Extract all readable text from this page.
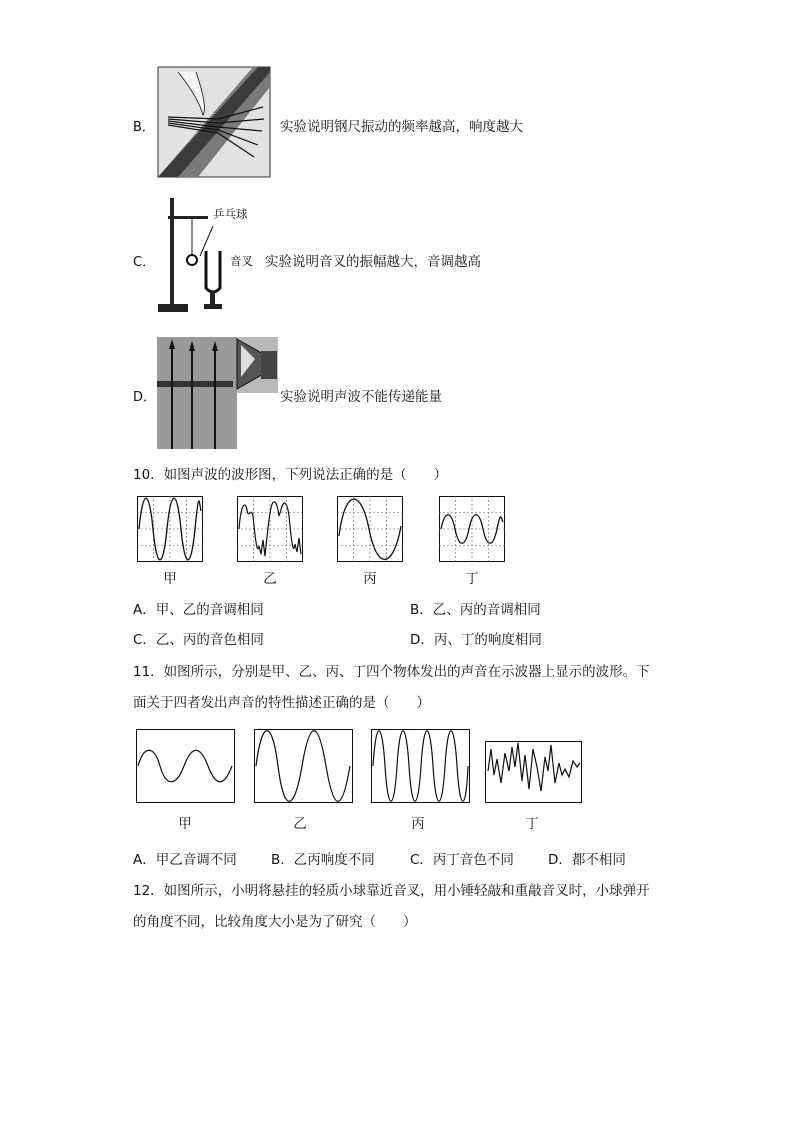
B．	实验说明钢尺振动的频率越高，响度越大
C．
乒乓球
音叉 实验说明音叉的振幅越大，音调越高
D．	实验说明声波不能传递能量
10．如图声波的波形图，下列说法正确的是（　　）
甲	乙	丙	丁
A．甲、乙的音调相同	B．乙、丙的音调相同
C．乙、丙的音色相同	D．丙、丁的响度相同
11．如图所示，分别是甲、乙、丙、丁四个物体发出的声音在示波器上显示的波形。下
面关于四者发出声音的特性描述正确的是（　　）
甲	乙	丙	丁
A．甲乙音调不同	B．乙丙响度不同	C．丙丁音色不同	D．都不相同
12．如图所示，小明将悬挂的轻质小球靠近音叉，用小锤轻敲和重敲音叉时，小球弹开
的角度不同，比较角度大小是为了研究（　　）
